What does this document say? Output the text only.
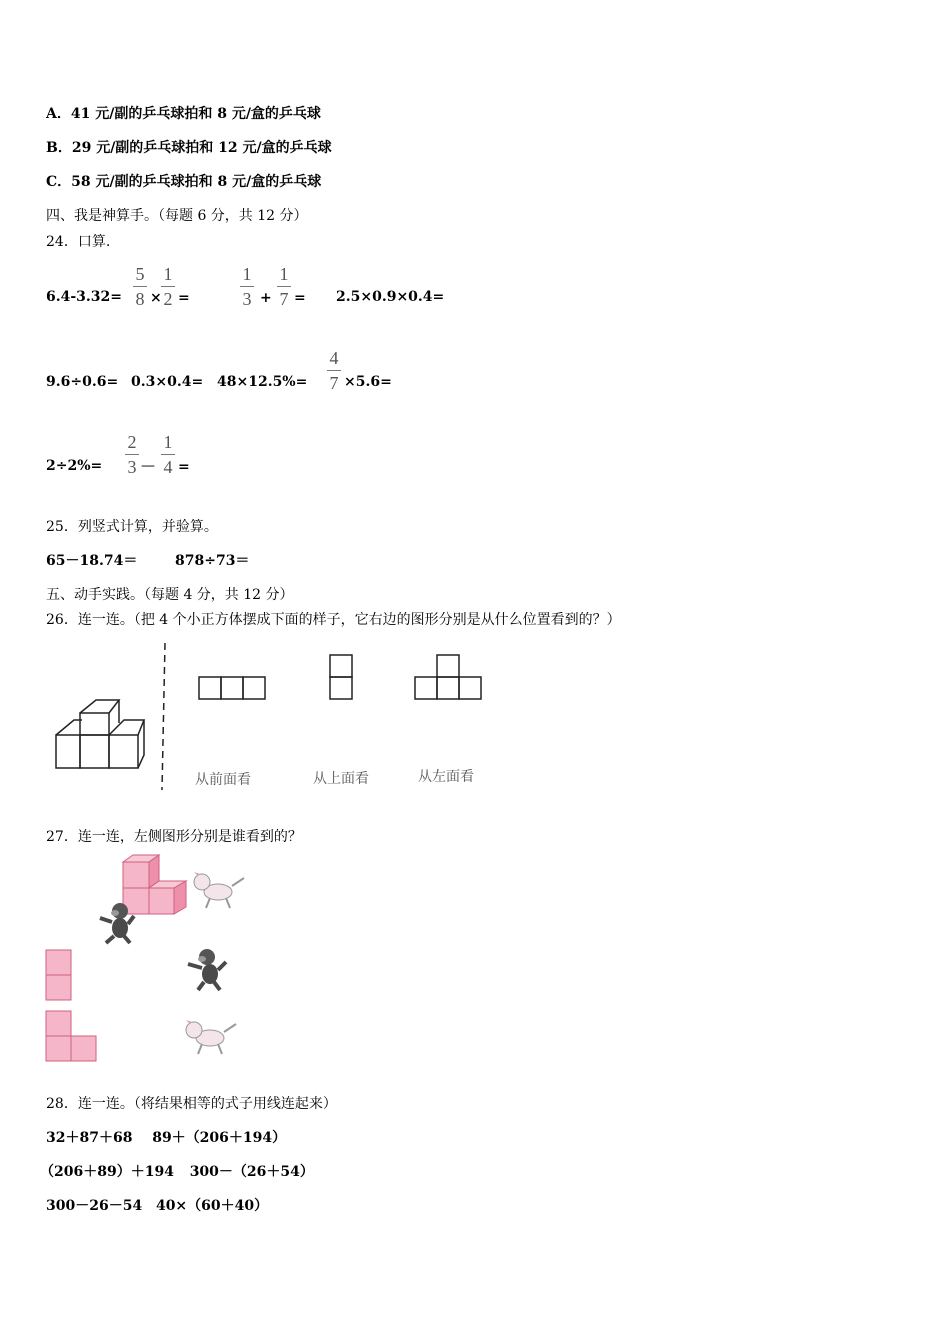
A．41 元/副的乒乓球拍和 8 元/盒的乒乓球
B．29 元/副的乒乓球拍和 12 元/盒的乒乓球
C．58 元/副的乒乓球拍和 8 元/盒的乒乓球
四、我是神算手。（每题 6 分，共 12 分）
24．口算.
6.4-3.32=
5
8 ×
1
2 =
1
3 +
1
7 = 2.5×0.9×0.4=
9.6÷0.6= 0.3×0.4= 48×12.5%=
4
7 ×5.6=
2÷2%=
2
3 —
1
4 =
25．列竖式计算，并验算。
65－18.74＝	878÷73＝
五、动手实践。（每题 4 分，共 12 分）
26．连一连。（把 4 个小正方体摆成下面的样子，它右边的图形分别是从什么位置看到的？）
从前面看	从上面看	从左面看
27．连一连，左侧图形分别是谁看到的？
28．连一连。（将结果相等的式子用线连起来）
32＋87＋68 89＋（206＋194）
（206＋89）＋194 300－（26＋54）
300－26－54 40×（60＋40）
